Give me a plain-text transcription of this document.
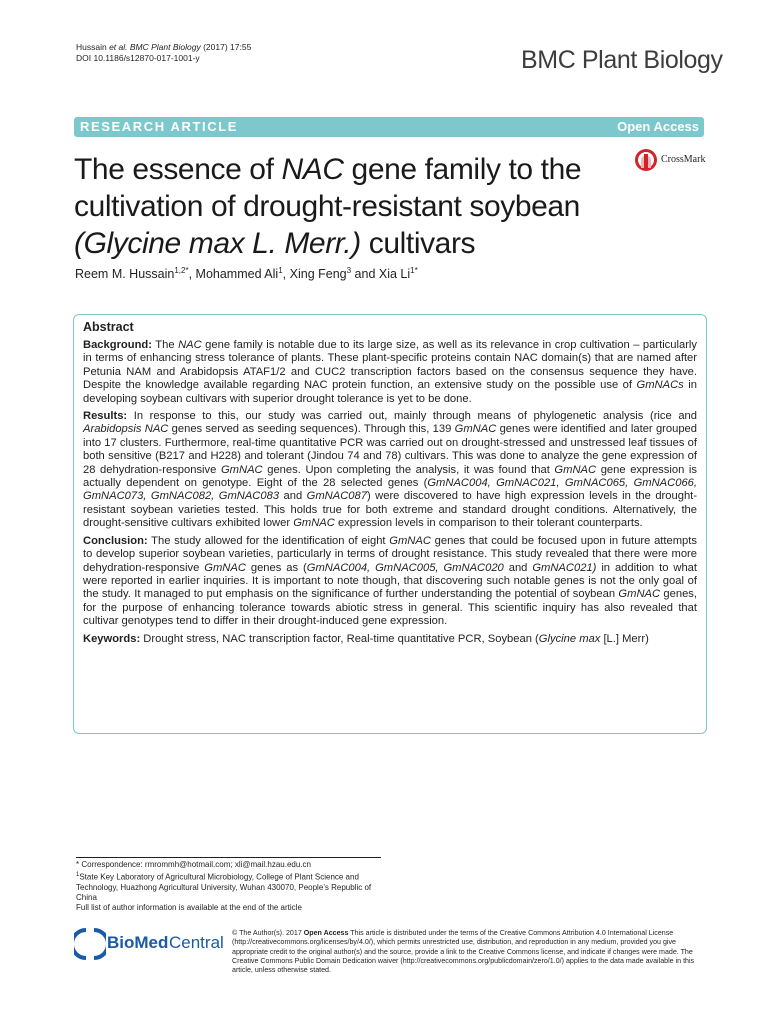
Hussain et al. BMC Plant Biology (2017) 17:55
DOI 10.1186/s12870-017-1001-y	BMC Plant Biology
RESEARCH ARTICLE	Open Access
The essence of NAC gene family to the cultivation of drought-resistant soybean (Glycine max L. Merr.) cultivars
CrossMark
Reem M. Hussain$^{1,2*}$, Mohammed Ali$^1$, Xing Feng$^3$ and Xia $Li^{1*}$
Abstract

Background: The NAC gene family is notable due to its large size, as well as its relevance in crop cultivation – particularly in terms of enhancing stress tolerance of plants. These plant-specific proteins contain NAC domain(s) that are named after Petunia NAM and Arabidopsis ATAF1/2 and CUC2 transcription factors based on the consensus sequence they have. Despite the knowledge available regarding NAC protein function, an extensive study on the possible use of GmNACs in developing soybean cultivars with superior drought tolerance is yet to be done.

Results: In response to this, our study was carried out, mainly through means of phylogenetic analysis (rice and Arabidopsis NAC genes served as seeding sequences). Through this, 139 GmNAC genes were identified and later grouped into 17 clusters. Furthermore, real-time quantitative PCR was carried out on drought-stressed and unstressed leaf tissues of both sensitive (B217 and H228) and tolerant (Jindou 74 and 78) cultivars. This was done to analyze the gene expression of 28 dehydration-responsive GmNAC genes. Upon completing the analysis, it was found that GmNAC gene expression is actually dependent on genotype. Eight of the 28 selected genes (GmNAC004, GmNAC021, GmNAC065, GmNAC066, GmNAC073, GmNAC082, GmNAC083 and GmNAC087) were discovered to have high expression levels in the drought-resistant soybean varieties tested. This holds true for both extreme and standard drought conditions. Alternatively, the drought-sensitive cultivars exhibited lower GmNAC expression levels in comparison to their tolerant counterparts.

Conclusion: The study allowed for the identification of eight GmNAC genes that could be focused upon in future attempts to develop superior soybean varieties, particularly in terms of drought resistance. This study revealed that there were more dehydration-responsive GmNAC genes as (GmNAC004, GmNAC005, GmNAC020 and GmNAC021) in addition to what were reported in earlier inquiries. It is important to note though, that discovering such notable genes is not the only goal of the study. It managed to put emphasis on the significance of further understanding the potential of soybean GmNAC genes, for the purpose of enhancing tolerance towards abiotic stress in general. This scientific inquiry has also revealed that cultivar genotypes tend to differ in their drought-induced gene expression.

Keywords: Drought stress, NAC transcription factor, Real-time quantitative PCR, Soybean (Glycine max [L.] Merr)

* Correspondence: rmrommh@hotmail.com; xli@mail.hzau.edu.cn
$^1$State Key Laboratory of Agricultural Microbiology, College of Plant Science and Technology, Huazhong Agricultural University, Wuhan 430070, People’s Republic of China
Full list of author information is available at the end of the article
BioMed Central © The Author(s). 2017 Open Access This article is distributed under the terms of the Creative Commons Attribution 4.0 International License (http://creativecommons.org/licenses/by/4.0/), which permits unrestricted use, distribution, and reproduction in any medium, provided you give appropriate credit to the original author(s) and the source, provide a link to the Creative Commons license, and indicate if changes were made. The Creative Commons Public Domain Dedication waiver (http://creativecommons.org/publicdomain/zero/1.0/) applies to the data made available in this article, unless otherwise stated.
